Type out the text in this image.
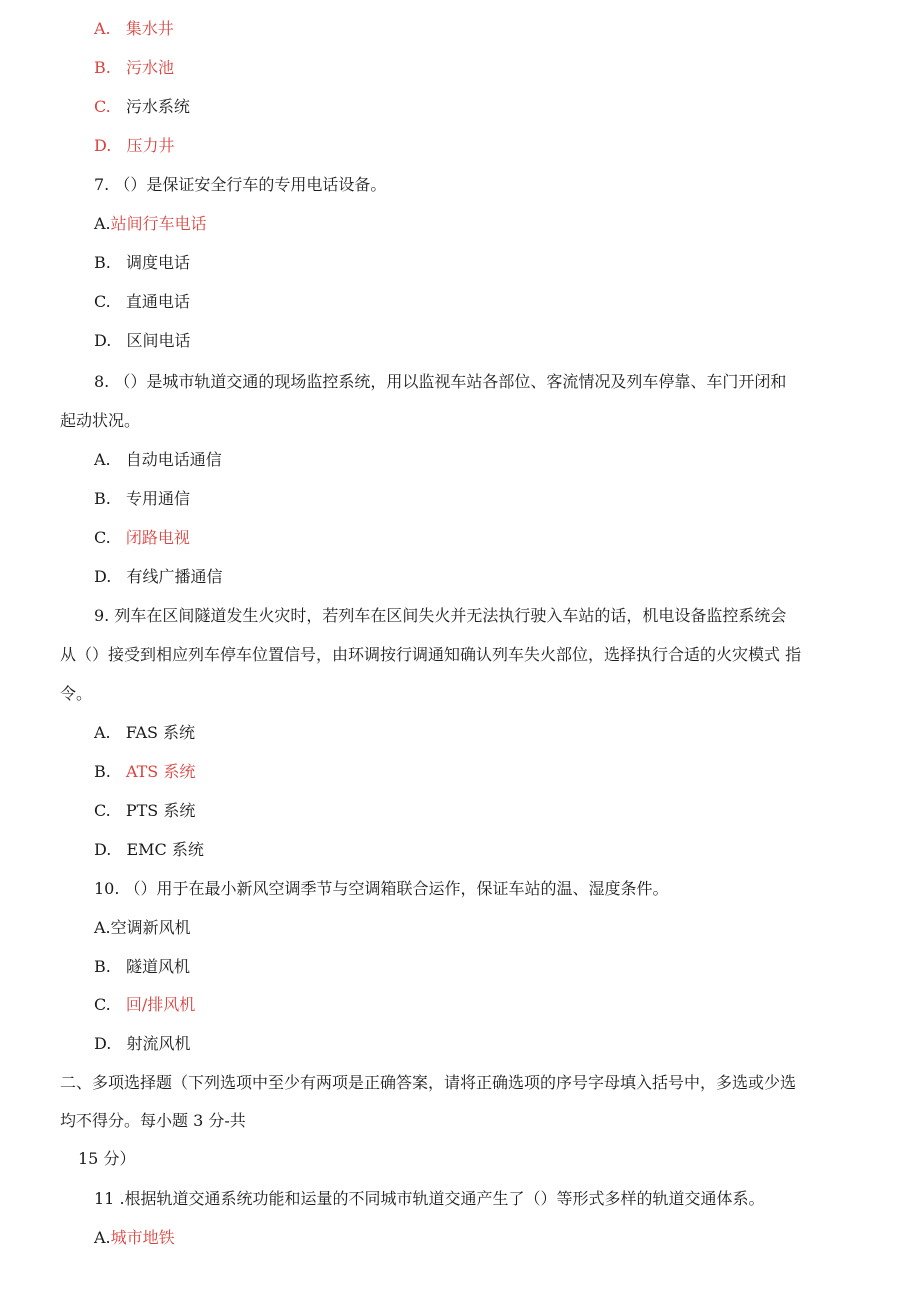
A. 集水井
B. 污水池
C. 污水系统
D. 压力井
7. （）是保证安全行车的专用电话设备。
A.站间行车电话
B. 调度电话
C. 直通电话
D. 区间电话
8. （）是城市轨道交通的现场监控系统，用以监视车站各部位、客流情况及列车停靠、车门开闭和
起动状况。
A. 自动电话通信
B. 专用通信
C. 闭路电视
D. 有线广播通信
9. 列车在区间隧道发生火灾时，若列车在区间失火并无法执行驶入车站的话，机电设备监控系统会
从（）接受到相应列车停车位置信号，由环调按行调通知确认列车失火部位，选择执行合适的火灾模式 指
令。
A. FAS 系统
B. ATS 系统
C. PTS 系统
D. EMC 系统
10. （）用于在最小新风空调季节与空调箱联合运作，保证车站的温、湿度条件。
A.空调新风机
B. 隧道风机
C. 回/排风机
D. 射流风机
二、多项选择题（下列选项中至少有两项是正确答案，请将正确选项的序号字母填入括号中，多选或少选
均不得分。每小题 3 分-共
15 分）
11 .根据轨道交通系统功能和运量的不同城市轨道交通产生了（）等形式多样的轨道交通体系。
A.城市地铁
